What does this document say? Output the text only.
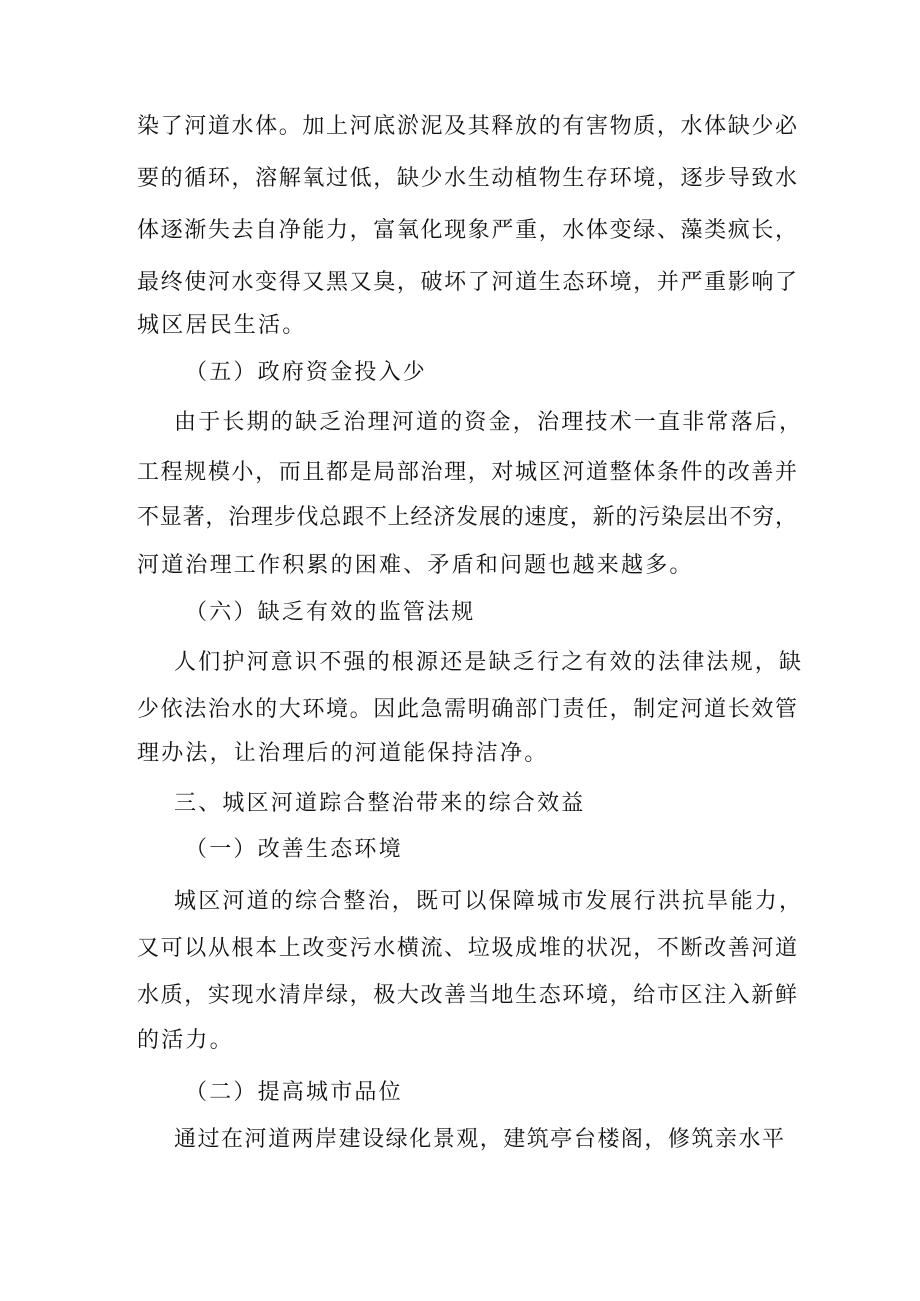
染了河道水体。加上河底淤泥及其释放的有害物质，水体缺少必
要的循环，溶解氧过低，缺少水生动植物生存环境，逐步导致水
体逐渐失去自净能力，富氧化现象严重，水体变绿、藻类疯长，
最终使河水变得又黑又臭，破坏了河道生态环境，并严重影响了
城区居民生活。
（五）政府资金投入少
由于长期的缺乏治理河道的资金，治理技术一直非常落后，
工程规模小，而且都是局部治理，对城区河道整体条件的改善并
不显著，治理步伐总跟不上经济发展的速度，新的污染层出不穷，
河道治理工作积累的困难、矛盾和问题也越来越多。
（六）缺乏有效的监管法规
人们护河意识不强的根源还是缺乏行之有效的法律法规，缺
少依法治水的大环境。因此急需明确部门责任，制定河道长效管
理办法，让治理后的河道能保持洁净。
三、城区河道踪合整治带来的综合效益
（一）改善生态环境
城区河道的综合整治，既可以保障城市发展行洪抗旱能力，
又可以从根本上改变污水横流、垃圾成堆的状况，不断改善河道
水质，实现水清岸绿，极大改善当地生态环境，给市区注入新鲜
的活力。
（二）提高城市品位
通过在河道两岸建设绿化景观，建筑亭台楼阁，修筑亲水平
